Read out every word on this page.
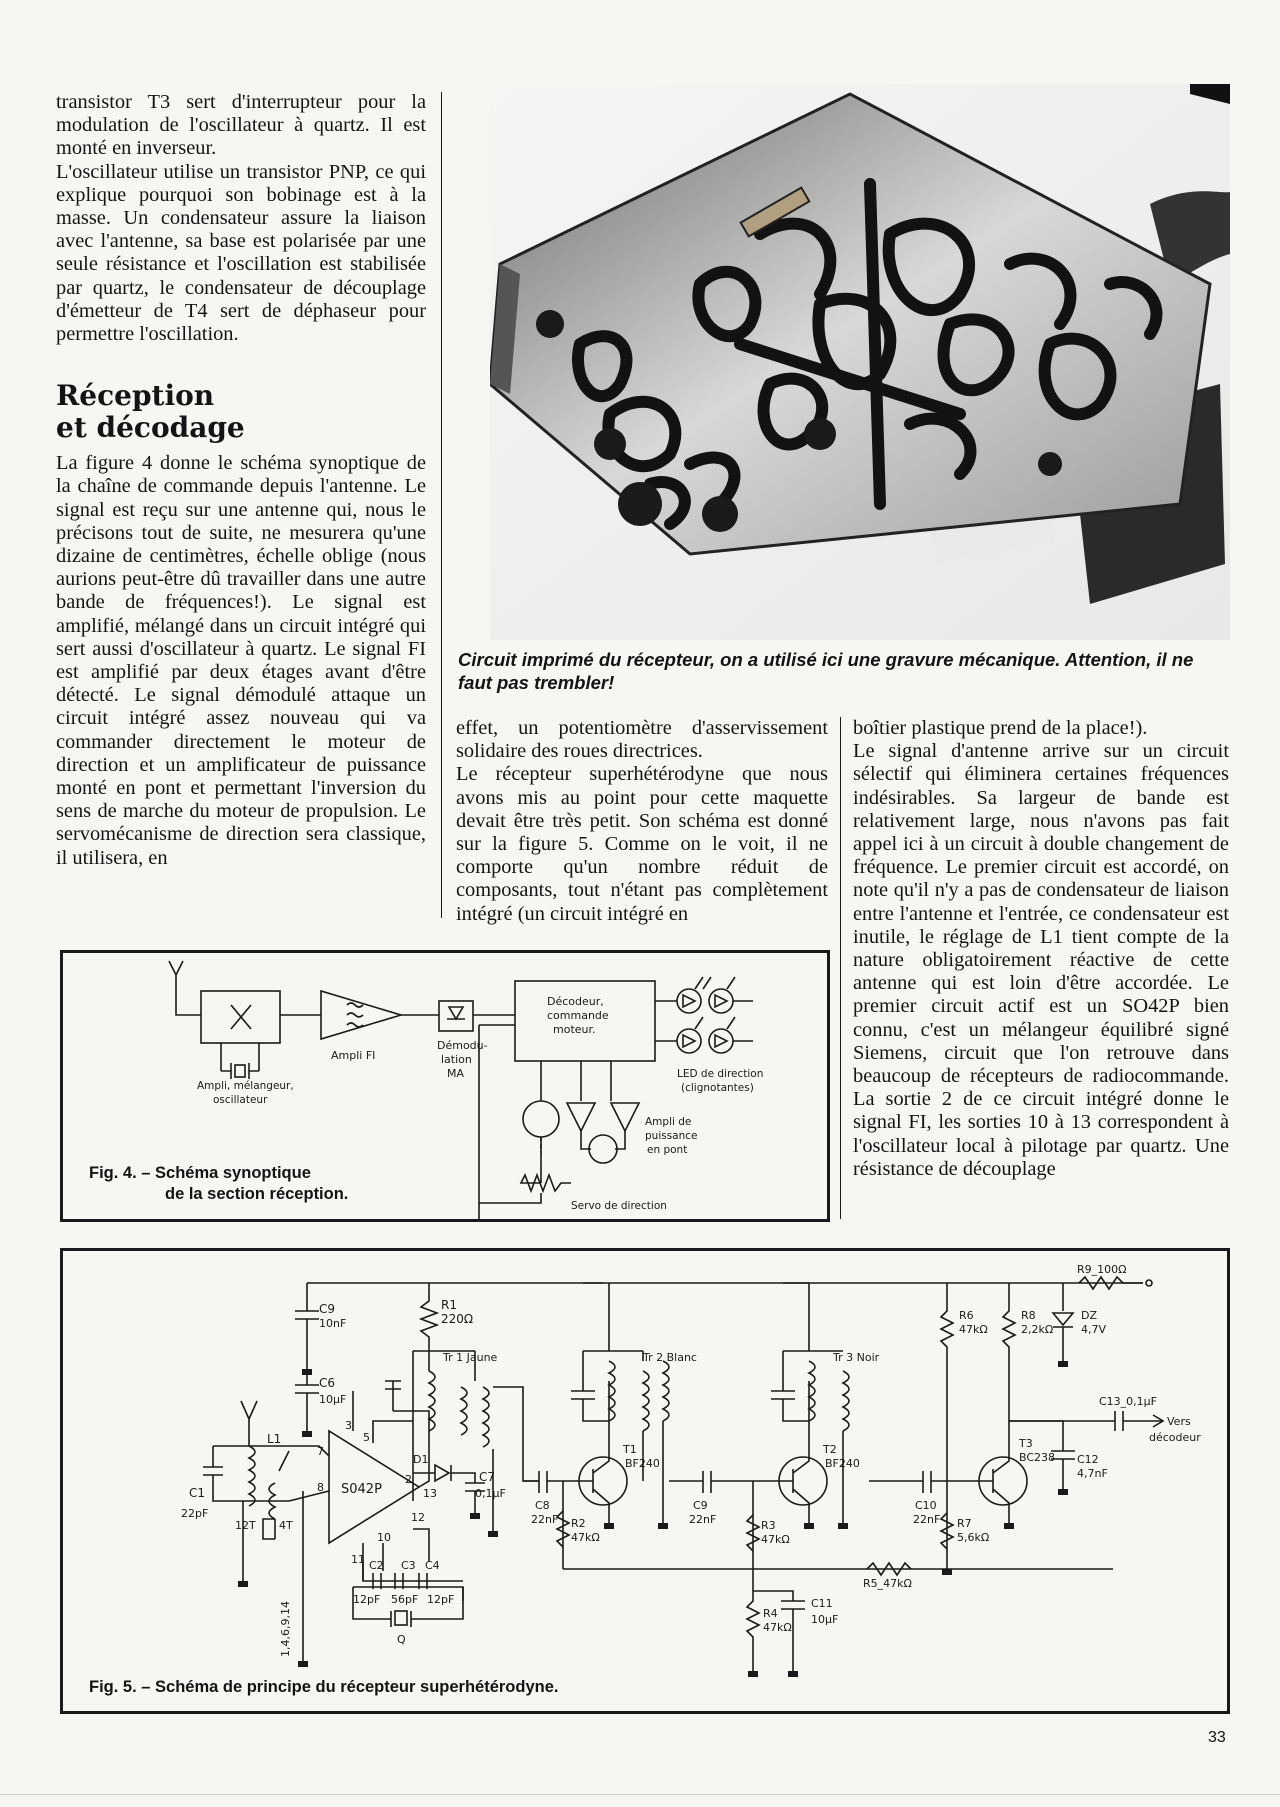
transistor T3 sert d'interrupteur pour la modulation de l'oscillateur à quartz. Il est monté en inverseur.

L'oscillateur utilise un transistor PNP, ce qui explique pourquoi son bobinage est à la masse. Un condensateur assure la liaison avec l'antenne, sa base est polarisée par une seule résistance et l'oscillation est stabilisée par quartz, le condensateur de découplage d'émetteur de T4 sert de déphaseur pour permettre l'oscillation.

Réception
et décodage

La figure 4 donne le schéma synoptique de la chaîne de commande depuis l'antenne. Le signal est reçu sur une antenne qui, nous le précisons tout de suite, ne mesurera qu'une dizaine de centimètres, échelle oblige (nous aurions peut-être dû travailler dans une autre bande de fréquences!). Le signal est amplifié, mélangé dans un circuit intégré qui sert aussi d'oscillateur à quartz. Le signal FI est amplifié par deux étages avant d'être détecté. Le signal démodulé attaque un circuit intégré assez nouveau qui va commander directement le moteur de direction et un amplificateur de puissance monté en pont et permettant l'inversion du sens de marche du moteur de propulsion. Le servomécanisme de direction sera classique, il utilisera, en

Circuit imprimé du récepteur, on a utilisé ici une gravure mécanique. Attention, il ne faut pas trembler!

effet, un potentiomètre d'asservissement solidaire des roues directrices.

Le récepteur superhétérodyne que nous avons mis au point pour cette maquette devait être très petit. Son schéma est donné sur la figure 5. Comme on le voit, il ne comporte qu'un nombre réduit de composants, tout n'étant pas complètement intégré (un circuit intégré en

boîtier plastique prend de la place!).

Le signal d'antenne arrive sur un circuit sélectif qui éliminera certaines fréquences indésirables. Sa largeur de bande est relativement large, nous n'avons pas fait appel ici à un circuit à double changement de fréquence. Le premier circuit est accordé, on note qu'il n'y a pas de condensateur de liaison entre l'antenne et l'entrée, ce condensateur est inutile, le réglage de L1 tient compte de la nature obligatoirement réactive de cette antenne qui est loin d'être accordée. Le premier circuit actif est un SO42P bien connu, c'est un mélangeur équilibré signé Siemens, circuit que l'on retrouve dans beaucoup de récepteurs de radiocommande. La sortie 2 de ce circuit intégré donne le signal FI, les sorties 10 à 13 correspondent à l'oscillateur local à pilotage par quartz. Une résistance de découplage

Ampli, mélangeur,
oscillateur
Ampli FI
Démodu-
lation
MA
Décodeur,
commande
moteur.
LED de direction
(clignotantes)
Ampli de
puissance
en pont
Servo de direction
Fig. 4. – Schéma synoptique
de la section réception.
C9
10nF
C6
10µF
R1
220Ω
Tr 1 Jaune	Tr 2 Blanc	Tr 3 Noir
L1
C1
22pF
12T 4T
S042P
7
8
3
5
2
13
12
10
11
D1
C7
0,1µF
C8
22nF
T1
BF240
C9
22nF
T2
BF240
C10
22nF
T3
BC238
R2
47kΩ
R3
47kΩ
R4
47kΩ
C11
10µF
R5_47kΩ
R6
47kΩ
R7
5,6kΩ
R8
2,2kΩ
R9_100Ω
DZ
4,7V
C12
4,7nF
C13_0,1µF
Vers
décodeur
C2
12pF
C3
56pF
C4
12pF
Q
1,4,6,9,14
Fig. 5. – Schéma de principe du récepteur superhétérodyne.
33
